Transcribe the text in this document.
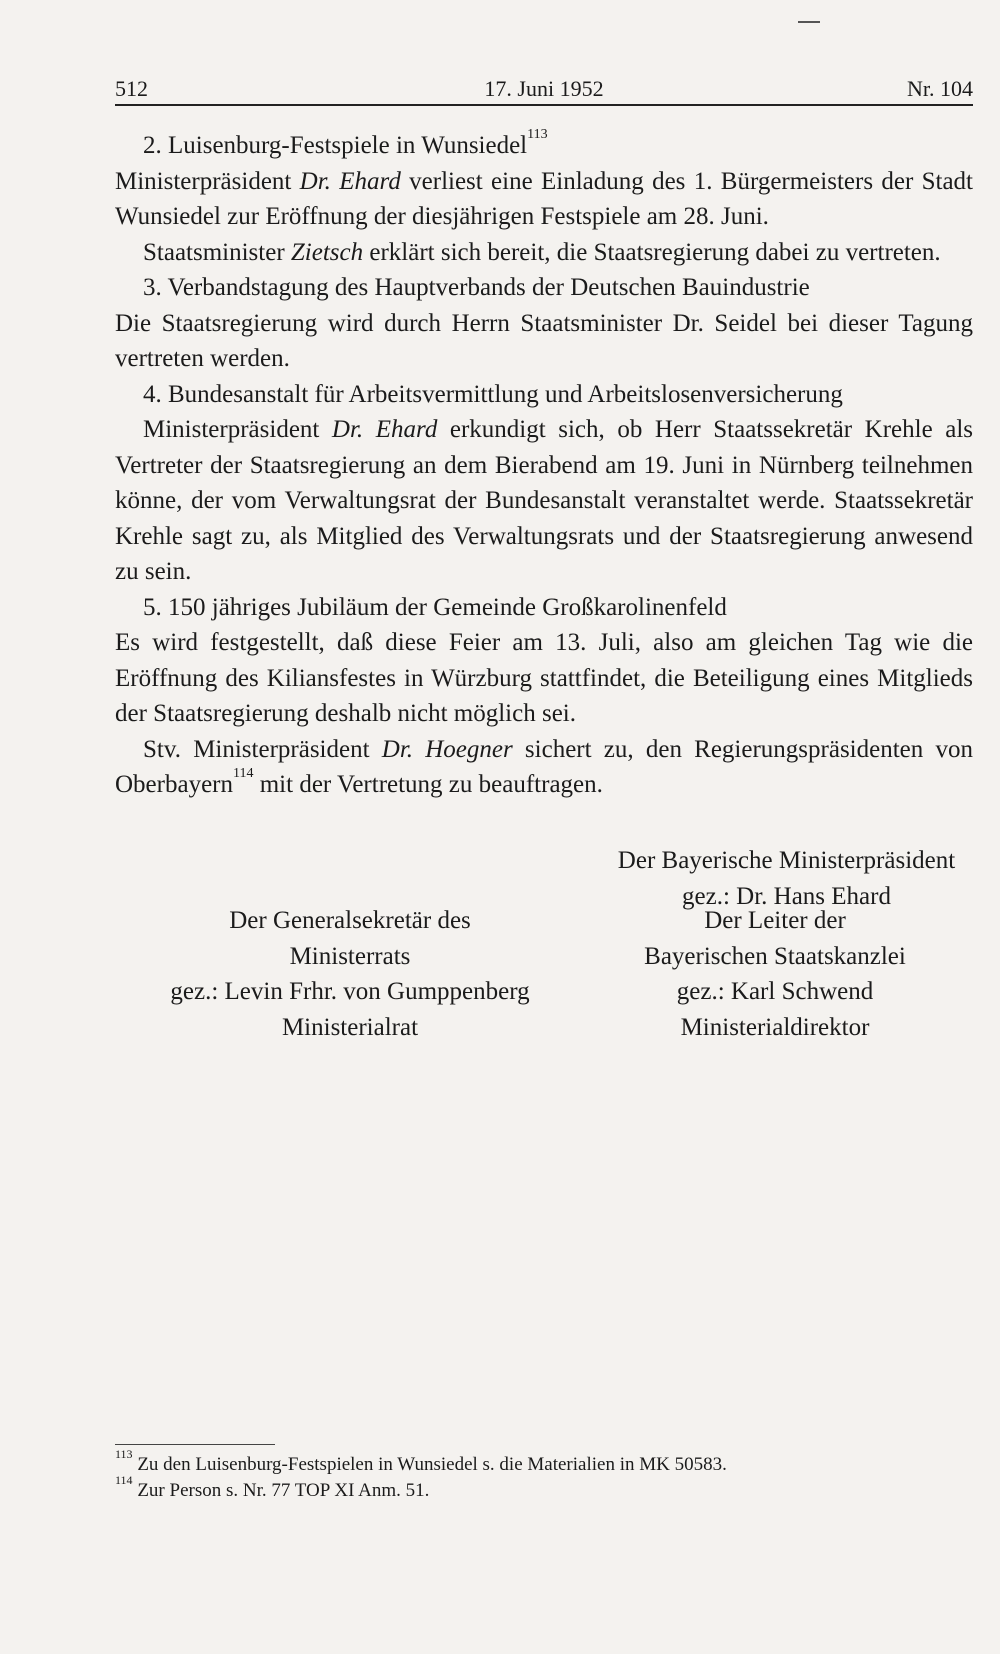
512	17. Juni 1952	Nr. 104

2. Luisenburg-Festspiele in Wunsiedel$^{113}$

Ministerpräsident Dr. Ehard verliest eine Einladung des 1. Bürgermeisters der Stadt Wunsiedel zur Eröffnung der diesjährigen Festspiele am 28. Juni.

Staatsminister Zietsch erklärt sich bereit, die Staatsregierung dabei zu vertreten.

3. Verbandstagung des Hauptverbands der Deutschen Bauindustrie

Die Staatsregierung wird durch Herrn Staatsminister Dr. Seidel bei dieser Tagung vertreten werden.

4. Bundesanstalt für Arbeitsvermittlung und Arbeitslosenversicherung

Ministerpräsident Dr. Ehard erkundigt sich, ob Herr Staatssekretär Krehle als Vertreter der Staatsregierung an dem Bierabend am 19. Juni in Nürnberg teilnehmen könne, der vom Verwaltungsrat der Bundesanstalt veranstaltet werde. Staatssekretär Krehle sagt zu, als Mitglied des Verwaltungsrats und der Staatsregierung anwesend zu sein.

5. 150 jähriges Jubiläum der Gemeinde Großkarolinenfeld

Es wird festgestellt, daß diese Feier am 13. Juli, also am gleichen Tag wie die Eröffnung des Kiliansfestes in Würzburg stattfindet, die Beteiligung eines Mitglieds der Staatsregierung deshalb nicht möglich sei.

Stv. Ministerpräsident Dr. Hoegner sichert zu, den Regierungspräsidenten von Oberbayern$^{114}$ mit der Vertretung zu beauftragen.

Der Bayerische Ministerpräsident
gez.: Dr. Hans Ehard
Der Generalsekretär des
Ministerrats
gez.: Levin Frhr. von Gumppenberg
Ministerialrat
Der Leiter der
Bayerischen Staatskanzlei
gez.: Karl Schwend
Ministerialdirektor
$^{113}$ Zu den Luisenburg-Festspielen in Wunsiedel s. die Materialien in MK 50583.
$^{114}$ Zur Person s. Nr. 77 TOP XI Anm. 51.
